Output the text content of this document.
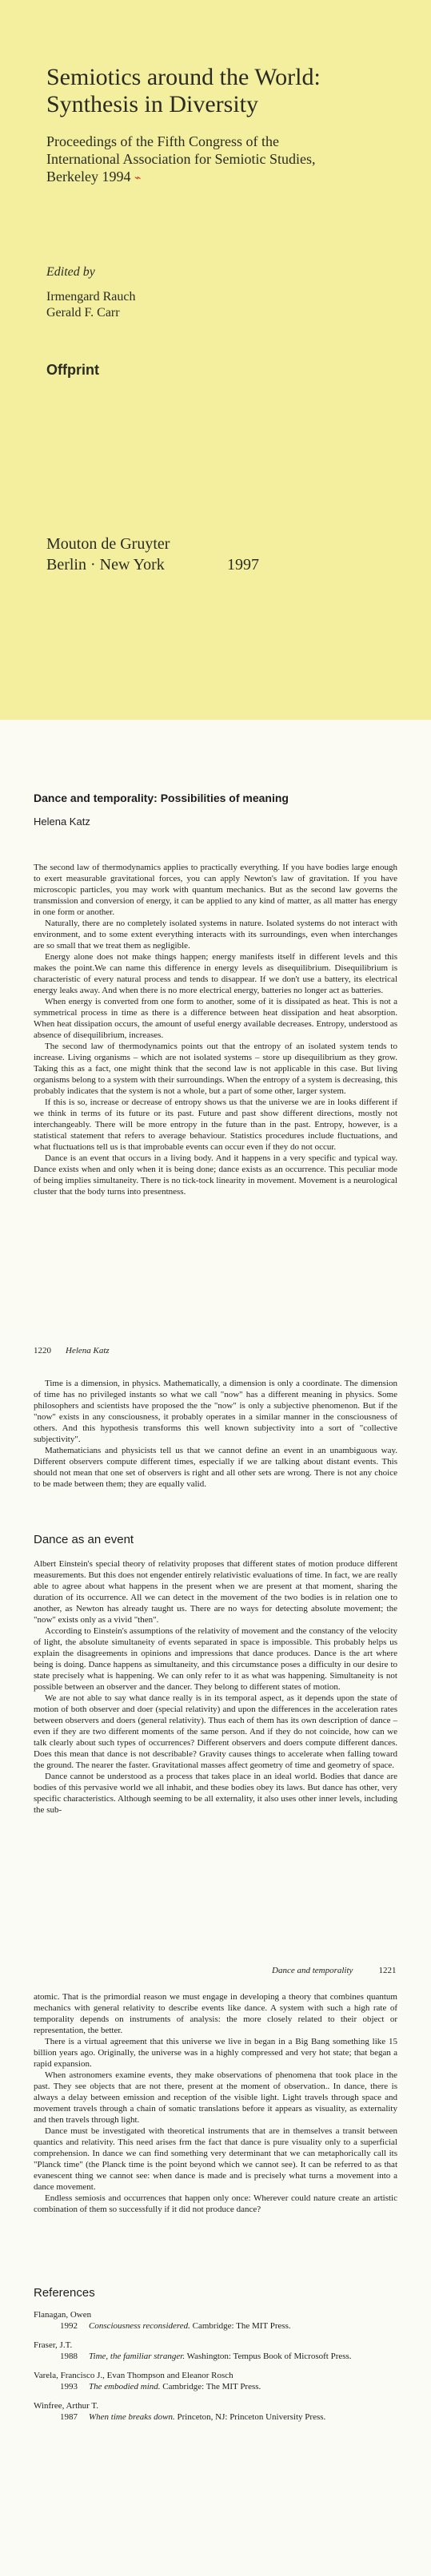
Semiotics around the World:
Synthesis in Diversity
Proceedings of the Fifth Congress of the
International Association for Semiotic Studies,
Berkeley 1994 ⌁
Edited by
Irmengard Rauch
Gerald F. Carr
Offprint
Mouton de Gruyter
Berlin · New York	1997
Dance and temporality: Possibilities of meaning
Helena Katz

The second law of thermodynamics applies to practically everything. If you have bodies large enough to exert measurable gravitational forces, you can apply Newton's law of gravitation. If you have microscopic particles, you may work with quantum mechanics. But as the second law governs the transmission and conversion of energy, it can be applied to any kind of matter, as all matter has energy in one form or another.

Naturally, there are no completely isolated systems in nature. Isolated systems do not interact with environment, and to some extent everything interacts with its surroundings, even when interchanges are so small that we treat them as negligible.

Energy alone does not make things happen; energy manifests itself in different levels and this makes the point.We can name this difference in energy levels as disequilibrium. Disequilibrium is characteristic of every natural process and tends to disappear. If we don't use a battery, its electrical energy leaks away. And when there is no more electrical energy, batteries no longer act as batteries.

When energy is converted from one form to another, some of it is dissipated as heat. This is not a symmetrical process in time as there is a difference between heat dissipation and heat absorption. When heat dissipation occurs, the amount of useful energy available decreases. Entropy, understood as absence of disequilibrium, increases.

The second law of thermodynamics points out that the entropy of an isolated system tends to increase. Living organisms – which are not isolated systems – store up disequilibrium as they grow. Taking this as a fact, one might think that the second law is not applicable in this case. But living organisms belong to a system with their surroundings. When the entropy of a system is decreasing, this probably indicates that the system is not a whole, but a part of some other, larger system.

If this is so, increase or decrease of entropy shows us that the universe we are in looks different if we think in terms of its future or its past. Future and past show different directions, mostly not interchangeably. There will be more entropy in the future than in the past. Entropy, however, is a statistical statement that refers to average behaviour. Statistics procedures include fluctuations, and what fluctuations tell us is that improbable events can occur even if they do not occur.

Dance is an event that occurs in a living body. And it happens in a very specific and typical way. Dance exists when and only when it is being done; dance exists as an occurrence. This peculiar mode of being implies simultaneity. There is no tick-tock linearity in movement. Movement is a neurological cluster that the body turns into presentness.

1220 Helena Katz

Time is a dimension, in physics. Mathematically, a dimension is only a coordinate. The dimension of time has no privileged instants so what we call "now" has a different meaning in physics. Some philosophers and scientists have proposed the the "now" is only a subjective phenomenon. But if the "now" exists in any consciousness, it probably operates in a similar manner in the consciousness of others. And this hypothesis transforms this well known subjectivity into a sort of "collective subjectivity".

Mathematicians and physicists tell us that we cannot define an event in an unambiguous way. Different observers compute different times, especially if we are talking about distant events. This should not mean that one set of observers is right and all other sets are wrong. There is not any choice to be made between them; they are equally valid.

Dance as an event

Albert Einstein's special theory of relativity proposes that different states of motion produce different measurements. But this does not engender entirely relativistic evaluations of time. In fact, we are really able to agree about what happens in the present when we are present at that moment, sharing the duration of its occurrence. All we can detect in the movement of the two bodies is in relation one to another, as Newton has already taught us. There are no ways for detecting absolute movement; the "now" exists only as a vivid "then".

According to Einstein's assumptions of the relativity of movement and the constancy of the velocity of light, the absolute simultaneity of events separated in space is impossible. This probably helps us explain the disagreements in opinions and impressions that dance produces. Dance is the art where being is doing. Dance happens as simultaneity, and this circumstance poses a difficulty in our desire to state precisely what is happening. We can only refer to it as what was happening. Simultaneity is not possible between an observer and the dancer. They belong to different states of motion.

We are not able to say what dance really is in its temporal aspect, as it depends upon the state of motion of both observer and doer (special relativity) and upon the differences in the acceleration rates between observers and doers (general relativity). Thus each of them has its own description of dance – even if they are two different moments of the same person. And if they do not coincide, how can we talk clearly about such types of occurrences? Different observers and doers compute different dances. Does this mean that dance is not describable? Gravity causes things to accelerate when falling toward the ground. The nearer the faster. Gravitational masses affect geometry of time and geometry of space.

Dance cannot be understood as a process that takes place in an ideal world. Bodies that dance are bodies of this pervasive world we all inhabit, and these bodies obey its laws. But dance has other, very specific characteristics. Although seeming to be all externality, it also uses other inner levels, including the sub-

Dance and temporality	1221

atomic. That is the primordial reason we must engage in developing a theory that combines quantum mechanics with general relativity to describe events like dance. A system with such a high rate of temporality depends on instruments of analysis: the more closely related to their object or representation, the better.

There is a virtual agreement that this universe we live in began in a Big Bang something like 15 billion years ago. Originally, the universe was in a highly compressed and very hot state; that began a rapid expansion.

When astronomers examine events, they make observations of phenomena that took place in the past. They see objects that are not there, present at the moment of observation.. In dance, there is always a delay between emission and reception of the visible light. Light travels through space and movement travels through a chain of somatic translations before it appears as visuality, as externality and then travels through light.

Dance must be investigated with theoretical instruments that are in themselves a transit between quantics and relativity. This need arises frm the fact that dance is pure visuality only to a superficial comprehension. In dance we can find something very determinant that we can metaphorically call its "Planck time" (the Planck time is the point beyond which we cannot see). It can be referred to as that evanescent thing we cannot see: when dance is made and is precisely what turns a movement into a dance movement.

Endless semiosis and occurrences that happen only once: Wherever could nature create an artistic combination of them so successfully if it did not produce dance?

References
Flanagan, Owen
1992 Consciousness reconsidered. Cambridge: The MIT Press.
Fraser, J.T.
1988 Time, the familiar stranger. Washington: Tempus Book of Microsoft Press.
Varela, Francisco J., Evan Thompson and Eleanor Rosch
1993 The embodied mind. Cambridge: The MIT Press.
Winfree, Arthur T.
1987 When time breaks down. Princeton, NJ: Princeton University Press.
